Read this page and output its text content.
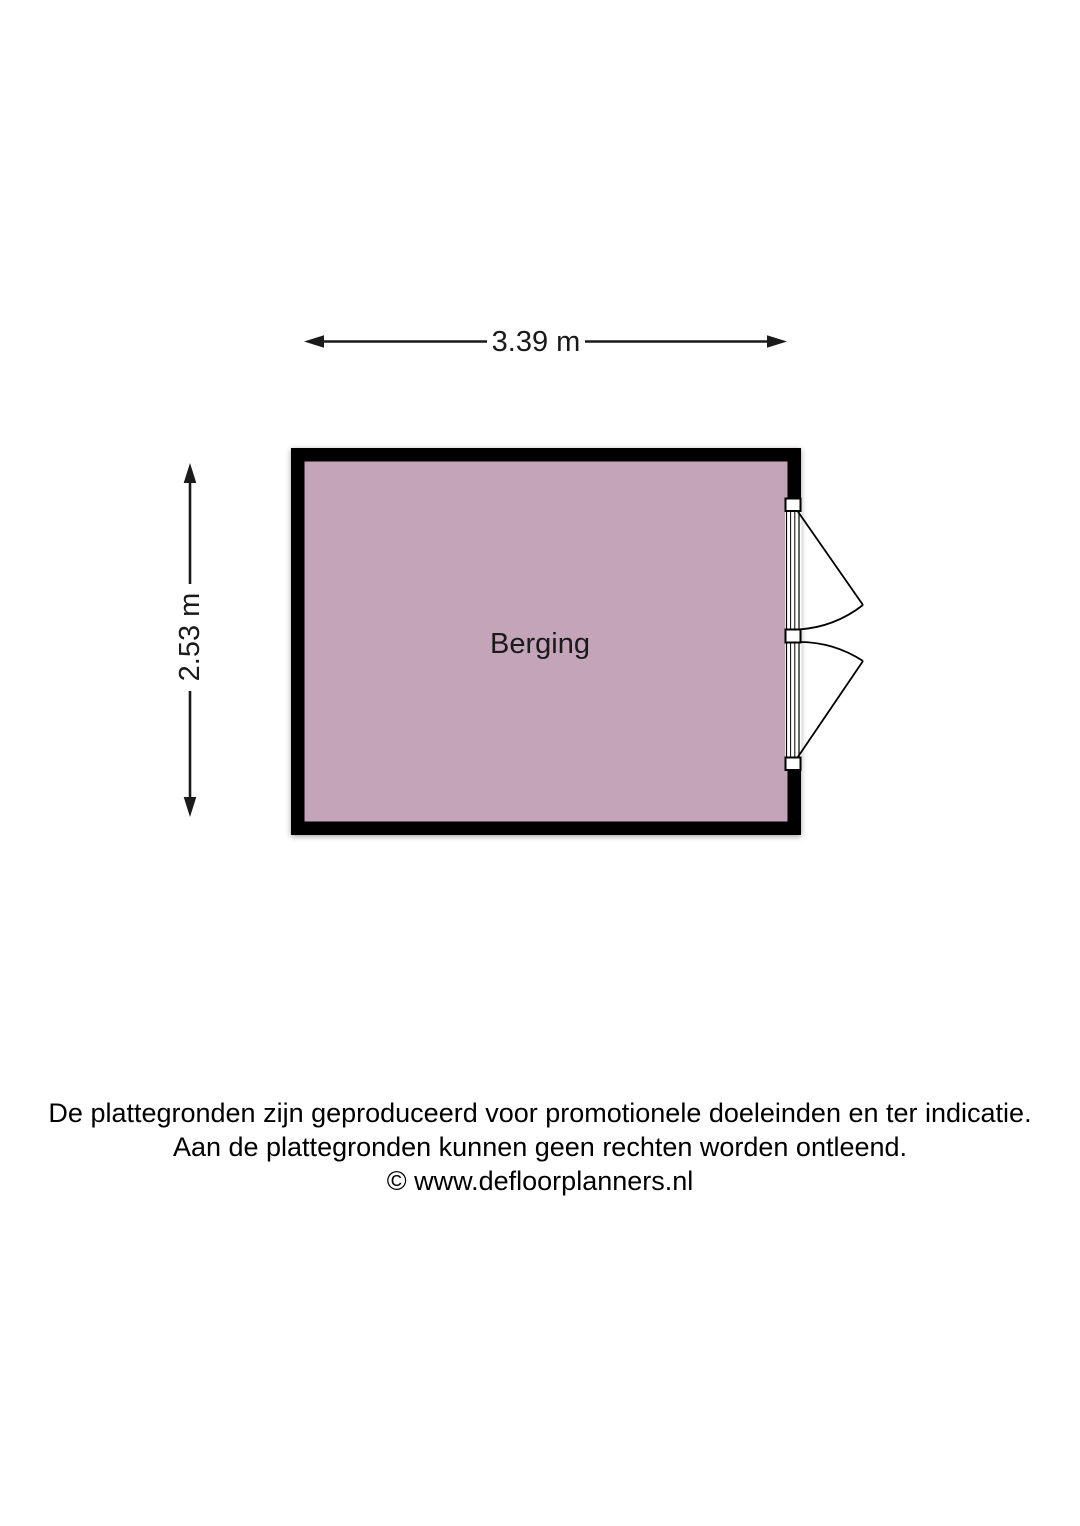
3.39 m
2.53 m	Berging
De plattegronden zijn geproduceerd voor promotionele doeleinden en ter indicatie.
Aan de plattegronden kunnen geen rechten worden ontleend.
© www.defloorplanners.nl
